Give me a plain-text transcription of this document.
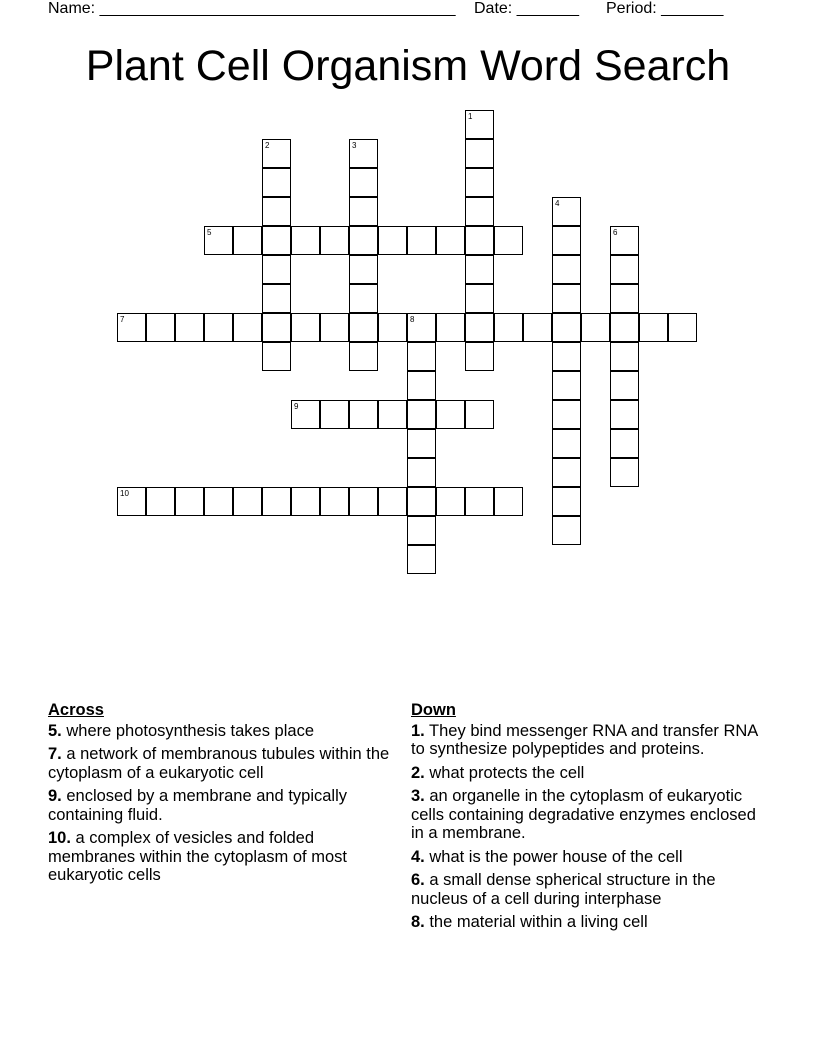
Name: ________________________________________ Date: _______ Period: _______
Plant Cell Organism Word Search
1
2	3
4
5	6
7	8
9
10
Across
5. where photosynthesis takes place
7. a network of membranous tubules within the cytoplasm of a eukaryotic cell
9. enclosed by a membrane and typically containing fluid.
10. a complex of vesicles and folded membranes within the cytoplasm of most eukaryotic cells
Down
1. They bind messenger RNA and transfer RNA to synthesize polypeptides and proteins.
2. what protects the cell
3. an organelle in the cytoplasm of eukaryotic cells containing degradative enzymes enclosed in a membrane.
4. what is the power house of the cell
6. a small dense spherical structure in the nucleus of a cell during interphase
8. the material within a living cell
